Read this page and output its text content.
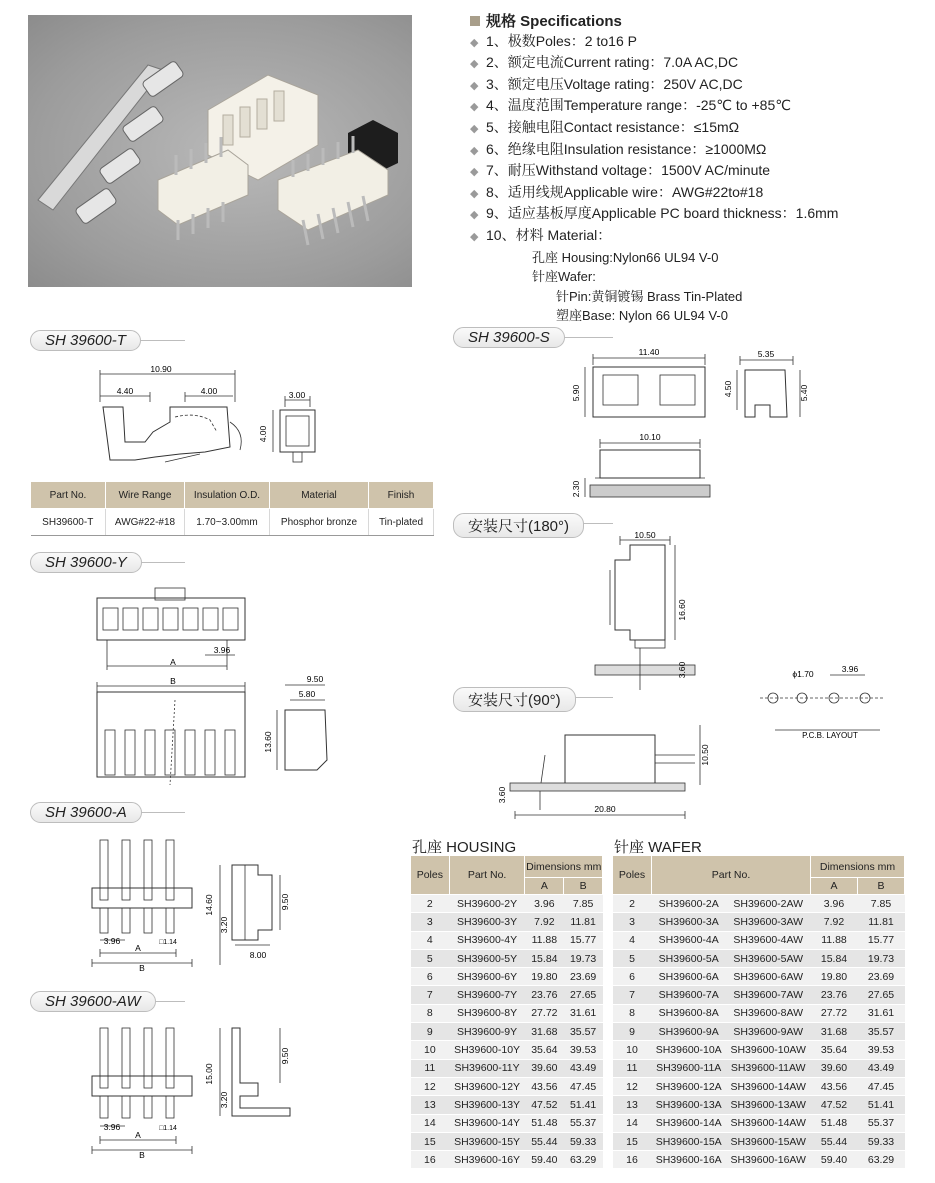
规格 Specifications
◆ 1、极数Poles：2 to16 P
◆ 2、额定电流Current rating：7.0A AC,DC
◆ 3、额定电压Voltage rating：250V AC,DC
◆ 4、温度范围Temperature range：-25℃ to +85℃
◆ 5、接触电阻Contact resistance：≤15mΩ
◆ 6、绝缘电阻Insulation resistance：≥1000MΩ
◆ 7、耐压Withstand voltage：1500V AC/minute
◆ 8、适用线规Applicable wire：AWG#22to#18
◆ 9、适应基板厚度Applicable PC board thickness：1.6mm
◆ 10、材料 Material：
孔座 Housing:Nylon66 UL94 V-0
针座Wafer:
针Pin:黄铜镀锡 Brass Tin-Plated
塑座Base: Nylon 66 UL94 V-0
SH 39600-T	SH 39600-S
SH 39600-Y
安装尺寸(180°)
安装尺寸(90°)
SH 39600-A
SH 39600-AW
10.90
4.40	4.00	3.00
4.00
Part No.	Wire Range	Insulation O.D.	Material	Finish
SH39600-T	AWG#22-#18	1.70~3.00mm	Phosphor bronze	Tin-plated
11.40
5.90
5.35
4.50	5.40
10.10
2.30
A
3.96
B	9.50
5.80
13.60
10.50
16.60
3.60	ϕ1.70	3.96
P.C.B. LAYOUT
10.50
3.60
20.80
3.96	□1.14
A
B
14.60
3.20
9.50
8.00
3.96	□1.14
A
B
15.00
3.20
9.50
孔座 HOUSING
Poles	Part No.	Dimensions mm	
		A	B
2	SH39600-2Y	3.96	7.85
3	SH39600-3Y	7.92	11.81
4	SH39600-4Y	11.88	15.77
5	SH39600-5Y	15.84	19.73
6	SH39600-6Y	19.80	23.69
7	SH39600-7Y	23.76	27.65
8	SH39600-8Y	27.72	31.61
9	SH39600-9Y	31.68	35.57
10	SH39600-10Y	35.64	39.53
11	SH39600-11Y	39.60	43.49
12	SH39600-12Y	43.56	47.45
13	SH39600-13Y	47.52	51.41
14	SH39600-14Y	51.48	55.37
15	SH39600-15Y	55.44	59.33
16	SH39600-16Y	59.40	63.29
针座 WAFER
Poles	Part No.		Dimensions mm	
			A	B
2	SH39600-2A	SH39600-2AW	3.96	7.85
3	SH39600-3A	SH39600-3AW	7.92	11.81
4	SH39600-4A	SH39600-4AW	11.88	15.77
5	SH39600-5A	SH39600-5AW	15.84	19.73
6	SH39600-6A	SH39600-6AW	19.80	23.69
7	SH39600-7A	SH39600-7AW	23.76	27.65
8	SH39600-8A	SH39600-8AW	27.72	31.61
9	SH39600-9A	SH39600-9AW	31.68	35.57
10	SH39600-10A	SH39600-10AW	35.64	39.53
11	SH39600-11A	SH39600-11AW	39.60	43.49
12	SH39600-12A	SH39600-14AW	43.56	47.45
13	SH39600-13A	SH39600-13AW	47.52	51.41
14	SH39600-14A	SH39600-14AW	51.48	55.37
15	SH39600-15A	SH39600-15AW	55.44	59.33
16	SH39600-16A	SH39600-16AW	59.40	63.29
